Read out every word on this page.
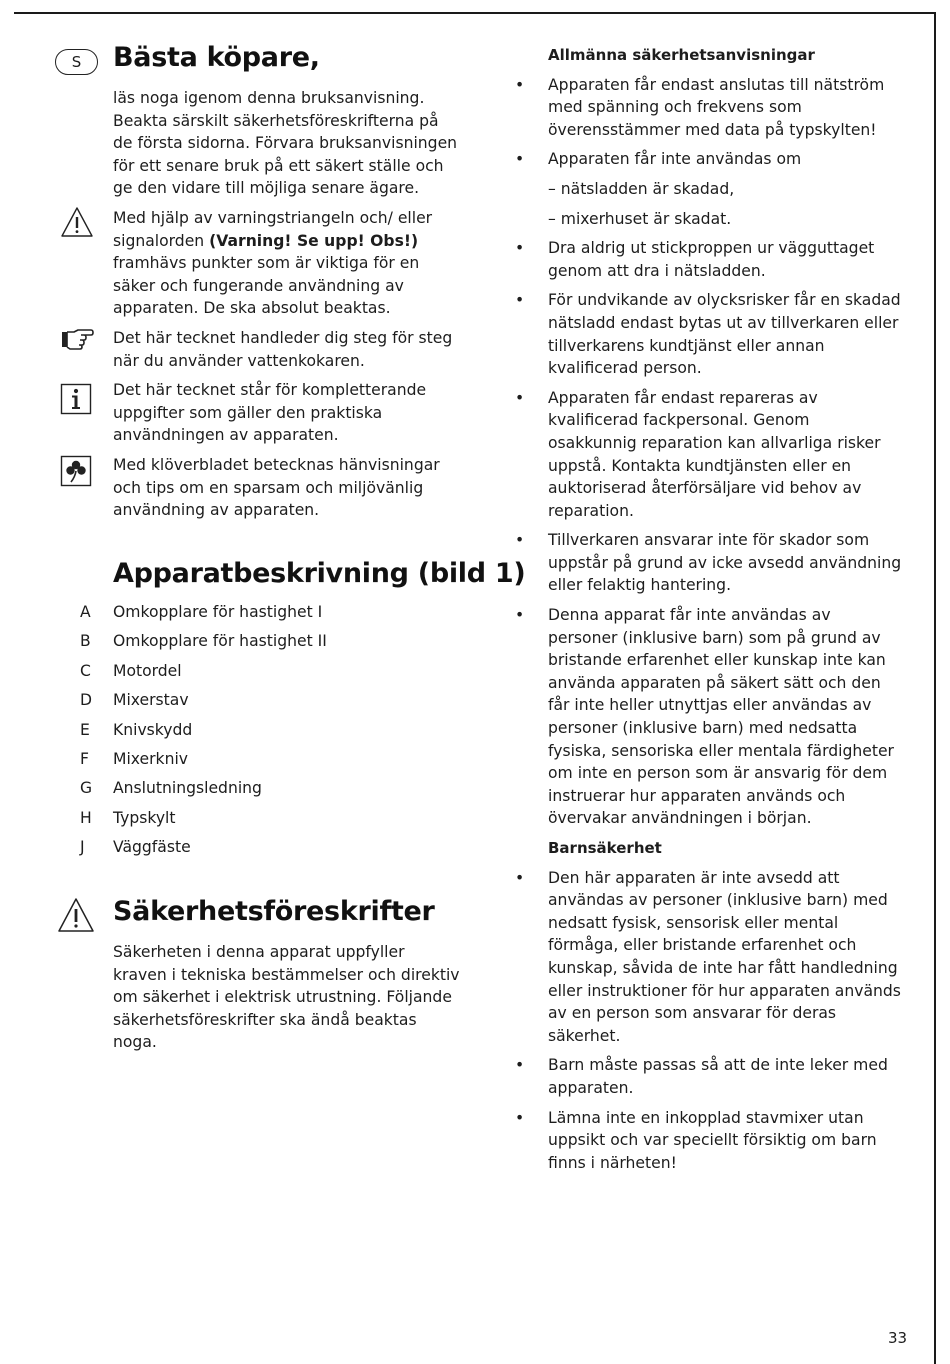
S	Bästa köpare,

läs noga igenom denna bruksanvisning. Beakta särskilt säkerhetsföreskrifterna på de första sidorna. Förvara bruksanvisningen för ett senare bruk på ett säkert ställe och ge den vidare till möjliga senare ägare.

Med hjälp av varningstriangeln och/ eller signalorden (Varning! Se upp! Obs!) framhävs punkter som är viktiga för en säker och fungerande användning av apparaten. De ska absolut beaktas.

Det här tecknet handleder dig steg för steg när du använder vattenkokaren.

Det här tecknet står för kompletterande uppgifter som gäller den praktiska användningen av apparaten.

Med klöverbladet betecknas hänvisningar och tips om en sparsam och miljövänlig användning av apparaten.

Apparatbeskrivning (bild 1)
A Omkopplare för hastighet I
B Omkopplare för hastighet II
C Motordel
D Mixerstav
E Knivskydd
F	Mixerkniv
G Anslutningsledning
H Typskylt
J	Väggfäste
Säkerhetsföreskrifter

Säkerheten i denna apparat uppfyller kraven i tekniska bestämmelser och direktiv om säkerhet i elektrisk utrustning. Följande säkerhetsföreskrifter ska ändå beaktas noga.

Allmänna säkerhetsanvisningar
• Apparaten får endast anslutas till nätström med spänning och frekvens som överensstämmer med data på typskylten!
• Apparaten får inte användas om
– nätsladden är skadad,
– mixerhuset är skadat.
• Dra aldrig ut stickproppen ur vägguttaget genom att dra i nätsladden.
• För undvikande av olycksrisker får en skadad nätsladd endast bytas ut av tillverkaren eller tillverkarens kundtjänst eller annan kvalificerad person.
• Apparaten får endast repareras av kvalificerad fackpersonal. Genom osakkunnig reparation kan allvarliga risker uppstå. Kontakta kundtjänsten eller en auktoriserad återförsäljare vid behov av reparation.
• Tillverkaren ansvarar inte för skador som uppstår på grund av icke avsedd användning eller felaktig hantering.
• Denna apparat får inte användas av personer (inklusive barn) som på grund av bristande erfarenhet eller kunskap inte kan använda apparaten på säkert sätt och den får inte heller utnyttjas eller användas av personer (inklusive barn) med nedsatta fysiska, sensoriska eller mentala färdigheter om inte en person som är ansvarig för dem instruerar hur apparaten används och övervakar användningen i början.
Barnsäkerhet
• Den här apparaten är inte avsedd att användas av personer (inklusive barn) med nedsatt fysisk, sensorisk eller mental förmåga, eller bristande erfarenhet och kunskap, såvida de inte har fått handledning eller instruktioner för hur apparaten används av en person som ansvarar för deras säkerhet.
• Barn måste passas så att de inte leker med apparaten.
• Lämna inte en inkopplad stavmixer utan uppsikt och var speciellt försiktig om barn finns i närheten!
33
